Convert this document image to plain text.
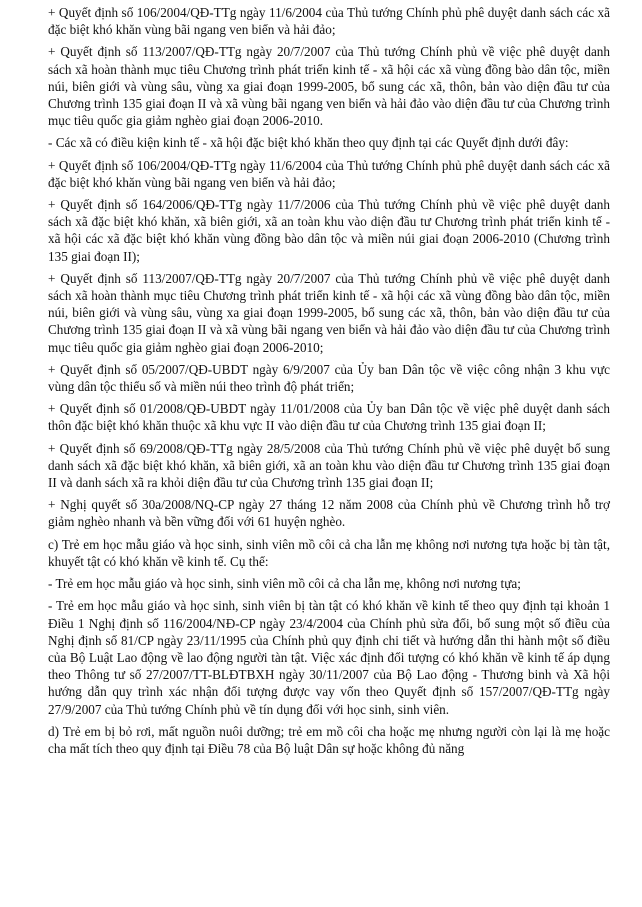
+ Quyết định số 106/2004/QĐ-TTg ngày 11/6/2004 của Thủ tướng Chính phủ phê duyệt danh sách các xã đặc biệt khó khăn vùng bãi ngang ven biển và hải đảo;

+ Quyết định số 113/2007/QĐ-TTg ngày 20/7/2007 của Thủ tướng Chính phủ về việc phê duyệt danh sách xã hoàn thành mục tiêu Chương trình phát triển kinh tế - xã hội các xã vùng đồng bào dân tộc, miền núi, biên giới và vùng sâu, vùng xa giai đoạn 1999-2005, bổ sung các xã, thôn, bản vào diện đầu tư của Chương trình 135 giai đoạn II và xã vùng bãi ngang ven biển và hải đảo vào diện đầu tư của Chương trình mục tiêu quốc gia giảm nghèo giai đoạn 2006-2010.

- Các xã có điều kiện kinh tế - xã hội đặc biệt khó khăn theo quy định tại các Quyết định dưới đây:

+ Quyết định số 106/2004/QĐ-TTg ngày 11/6/2004 của Thủ tướng Chính phủ phê duyệt danh sách các xã đặc biệt khó khăn vùng bãi ngang ven biển và hải đảo;

+ Quyết định số 164/2006/QĐ-TTg ngày 11/7/2006 của Thủ tướng Chính phủ về việc phê duyệt danh sách xã đặc biệt khó khăn, xã biên giới, xã an toàn khu vào diện đầu tư Chương trình phát triển kinh tế - xã hội các xã đặc biệt khó khăn vùng đồng bào dân tộc và miền núi giai đoạn 2006-2010 (Chương trình 135 giai đoạn II);

+ Quyết định số 113/2007/QĐ-TTg ngày 20/7/2007 của Thủ tướng Chính phủ về việc phê duyệt danh sách xã hoàn thành mục tiêu Chương trình phát triển kinh tế - xã hội các xã vùng đồng bào dân tộc, miền núi, biên giới và vùng sâu, vùng xa giai đoạn 1999-2005, bổ sung các xã, thôn, bản vào diện đầu tư của Chương trình 135 giai đoạn II và xã vùng bãi ngang ven biển và hải đảo vào diện đầu tư của Chương trình mục tiêu quốc gia giảm nghèo giai đoạn 2006-2010;

+ Quyết định số 05/2007/QĐ-UBDT ngày 6/9/2007 của Ủy ban Dân tộc về việc công nhận 3 khu vực vùng dân tộc thiểu số và miền núi theo trình độ phát triển;

+ Quyết định số 01/2008/QĐ-UBDT ngày 11/01/2008 của Ủy ban Dân tộc về việc phê duyệt danh sách thôn đặc biệt khó khăn thuộc xã khu vực II vào diện đầu tư của Chương trình 135 giai đoạn II;

+ Quyết định số 69/2008/QĐ-TTg ngày 28/5/2008 của Thủ tướng Chính phủ về việc phê duyệt bổ sung danh sách xã đặc biệt khó khăn, xã biên giới, xã an toàn khu vào diện đầu tư Chương trình 135 giai đoạn II và danh sách xã ra khỏi diện đầu tư của Chương trình 135 giai đoạn II;

+ Nghị quyết số 30a/2008/NQ-CP ngày 27 tháng 12 năm 2008 của Chính phủ về Chương trình hỗ trợ giảm nghèo nhanh và bền vững đối với 61 huyện nghèo.

c) Trẻ em học mẫu giáo và học sinh, sinh viên mồ côi cả cha lẫn mẹ không nơi nương tựa hoặc bị tàn tật, khuyết tật có khó khăn về kinh tế. Cụ thể:

- Trẻ em học mẫu giáo và học sinh, sinh viên mồ côi cả cha lẫn mẹ, không nơi nương tựa;

- Trẻ em học mẫu giáo và học sinh, sinh viên bị tàn tật có khó khăn về kinh tế theo quy định tại khoản 1 Điều 1 Nghị định số 116/2004/NĐ-CP ngày 23/4/2004 của Chính phủ sửa đổi, bổ sung một số điều của Nghị định số 81/CP ngày 23/11/1995 của Chính phủ quy định chi tiết và hướng dẫn thi hành một số điều của Bộ Luật Lao động về lao động người tàn tật. Việc xác định đối tượng có khó khăn về kinh tế áp dụng theo Thông tư số 27/2007/TT-BLĐTBXH ngày 30/11/2007 của Bộ Lao động - Thương binh và Xã hội hướng dẫn quy trình xác nhận đối tượng được vay vốn theo Quyết định số 157/2007/QĐ-TTg ngày 27/9/2007 của Thủ tướng Chính phủ về tín dụng đối với học sinh, sinh viên.

d) Trẻ em bị bỏ rơi, mất nguồn nuôi dưỡng; trẻ em mồ côi cha hoặc mẹ nhưng người còn lại là mẹ hoặc cha mất tích theo quy định tại Điều 78 của Bộ luật Dân sự hoặc không đủ năng
